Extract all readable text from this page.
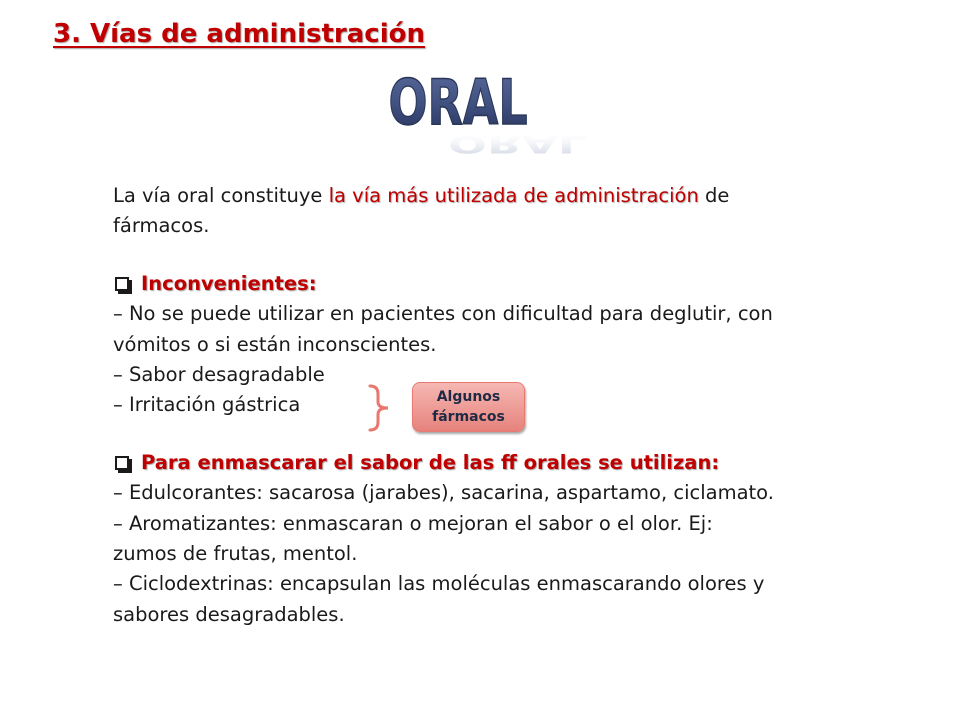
3. Vías de administración
ORAL
ORAL
La vía oral constituye la vía más utilizada de administración de
fármacos.
Inconvenientes:
– No se puede utilizar en pacientes con dificultad para deglutir, con
vómitos o si están inconscientes.
– Sabor desagradable
– Irritación gástrica
Para enmascarar el sabor de las ff orales se utilizan:
– Edulcorantes: sacarosa (jarabes), sacarina, aspartamo, ciclamato.
– Aromatizantes: enmascaran o mejoran el sabor o el olor. Ej:
zumos de frutas, mentol.
– Ciclodextrinas: encapsulan las moléculas enmascarando olores y
sabores desagradables.
Algunos
fármacos
